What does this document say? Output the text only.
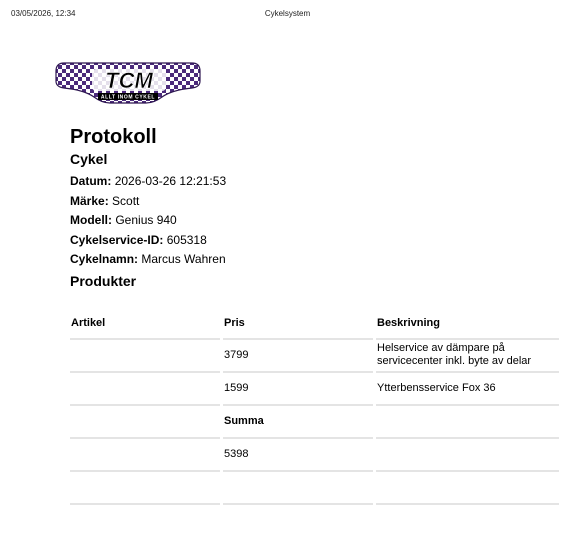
03/05/2026, 12:34	Cykelsystem
TCM
ALLT INOM CYKEL
Protokoll
Cykel
Datum: 2026-03-26 12:21:53
Märke: Scott
Modell: Genius 940
Cykelservice-ID: 605318
Cykelnamn: Marcus Wahren
Produkter
Artikel	Pris	Beskrivning
	3799	Helservice av dämpare på servicecenter inkl. byte av delar
	1599	Ytterbensservice Fox 36
	Summa	
	5398	
